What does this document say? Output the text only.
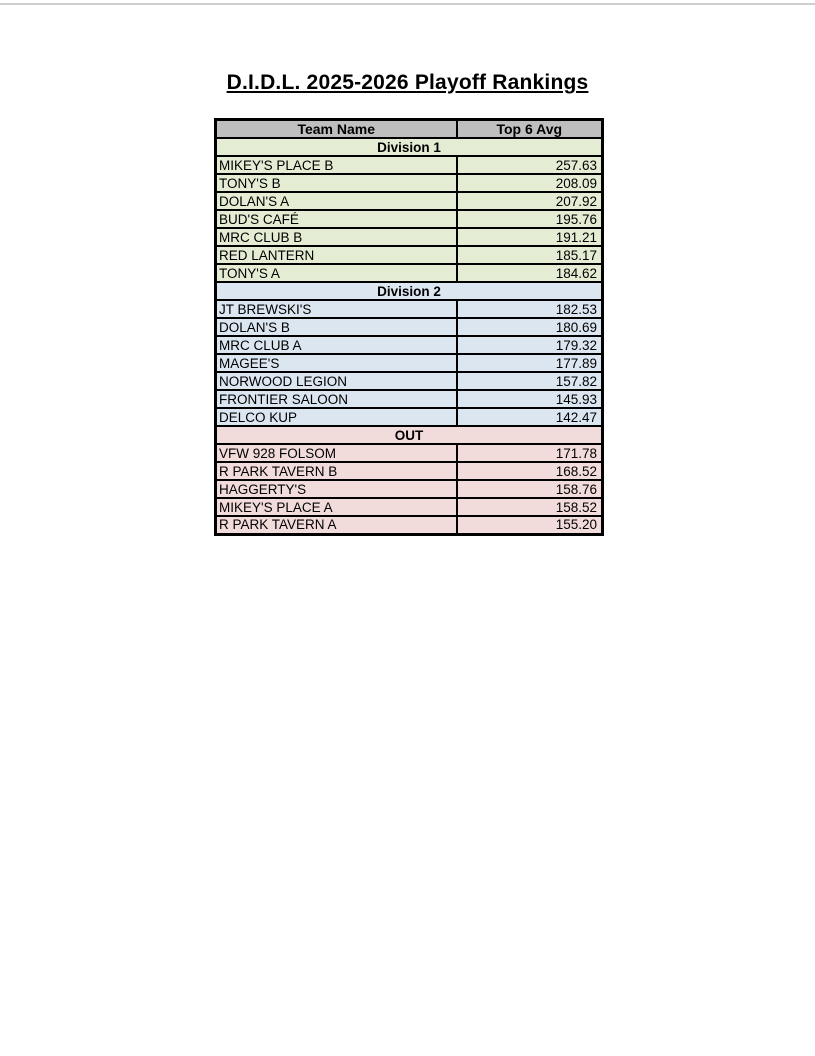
D.I.D.L. 2025-2026 Playoff Rankings
Team Name	Top 6 Avg
Division 1	
MIKEY'S PLACE B	257.63
TONY'S B	208.09
DOLAN'S A	207.92
BUD'S CAFÉ	195.76
MRC CLUB B	191.21
RED LANTERN	185.17
TONY'S A	184.62
Division 2	
JT BREWSKI'S	182.53
DOLAN'S B	180.69
MRC CLUB A	179.32
MAGEE'S	177.89
NORWOOD LEGION	157.82
FRONTIER SALOON	145.93
DELCO KUP	142.47
OUT	
VFW 928 FOLSOM	171.78
R PARK TAVERN B	168.52
HAGGERTY'S	158.76
MIKEY'S PLACE A	158.52
R PARK TAVERN A	155.20
